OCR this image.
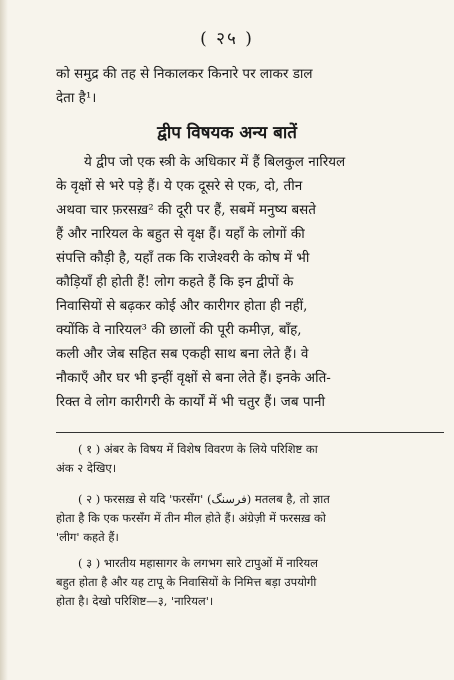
( २५ )
को समुद्र की तह से निकालकर किनारे पर लाकर डाल
देता है¹।
द्वीप विषयक अन्य बातें
ये द्वीप जो एक स्त्री के अधिकार में हैं बिलकुल नारियल
के वृक्षों से भरे पड़े हैं। ये एक दूसरे से एक, दो, तीन
अथवा चार फ़रसख़² की दूरी पर हैं, सबमें मनुष्य बसते
हैं और नारियल के बहुत से वृक्ष हैं। यहाँ के लोगों की
संपत्ति कौड़ी है, यहाँ तक कि राजेश्वरी के कोष में भी
कौड़ियाँ ही होती हैं! लोग कहते हैं कि इन द्वीपों के
निवासियों से बढ़कर कोई और कारीगर होता ही नहीं,
क्योंकि वे नारियल³ की छालों की पूरी कमीज़, बाँह,
कली और जेब सहित सब एकही साथ बना लेते हैं। वे
नौकाएँ और घर भी इन्हीं वृक्षों से बना लेते हैं। इनके अति-
रिक्त वे लोग कारीगरी के कार्यों में भी चतुर हैं। जब पानी
( १ ) अंबर के विषय में विशेष विवरण के लिये परिशिष्ट का
अंक २ देखिए।
( २ ) फरसख़ से यदि 'फरसँग' (فرسنگ) मतलब है, तो ज्ञात
होता है कि एक फरसँग में तीन मील होते हैं। अंग्रेज़ी में फरसख़ को
'लीग' कहते हैं।
( ३ ) भारतीय महासागर के लगभग सारे टापुओं में नारियल
बहुत होता है और यह टापू के निवासियों के निमित्त बड़ा उपयोगी
होता है। देखो परिशिष्ट—३, 'नारियल'।
